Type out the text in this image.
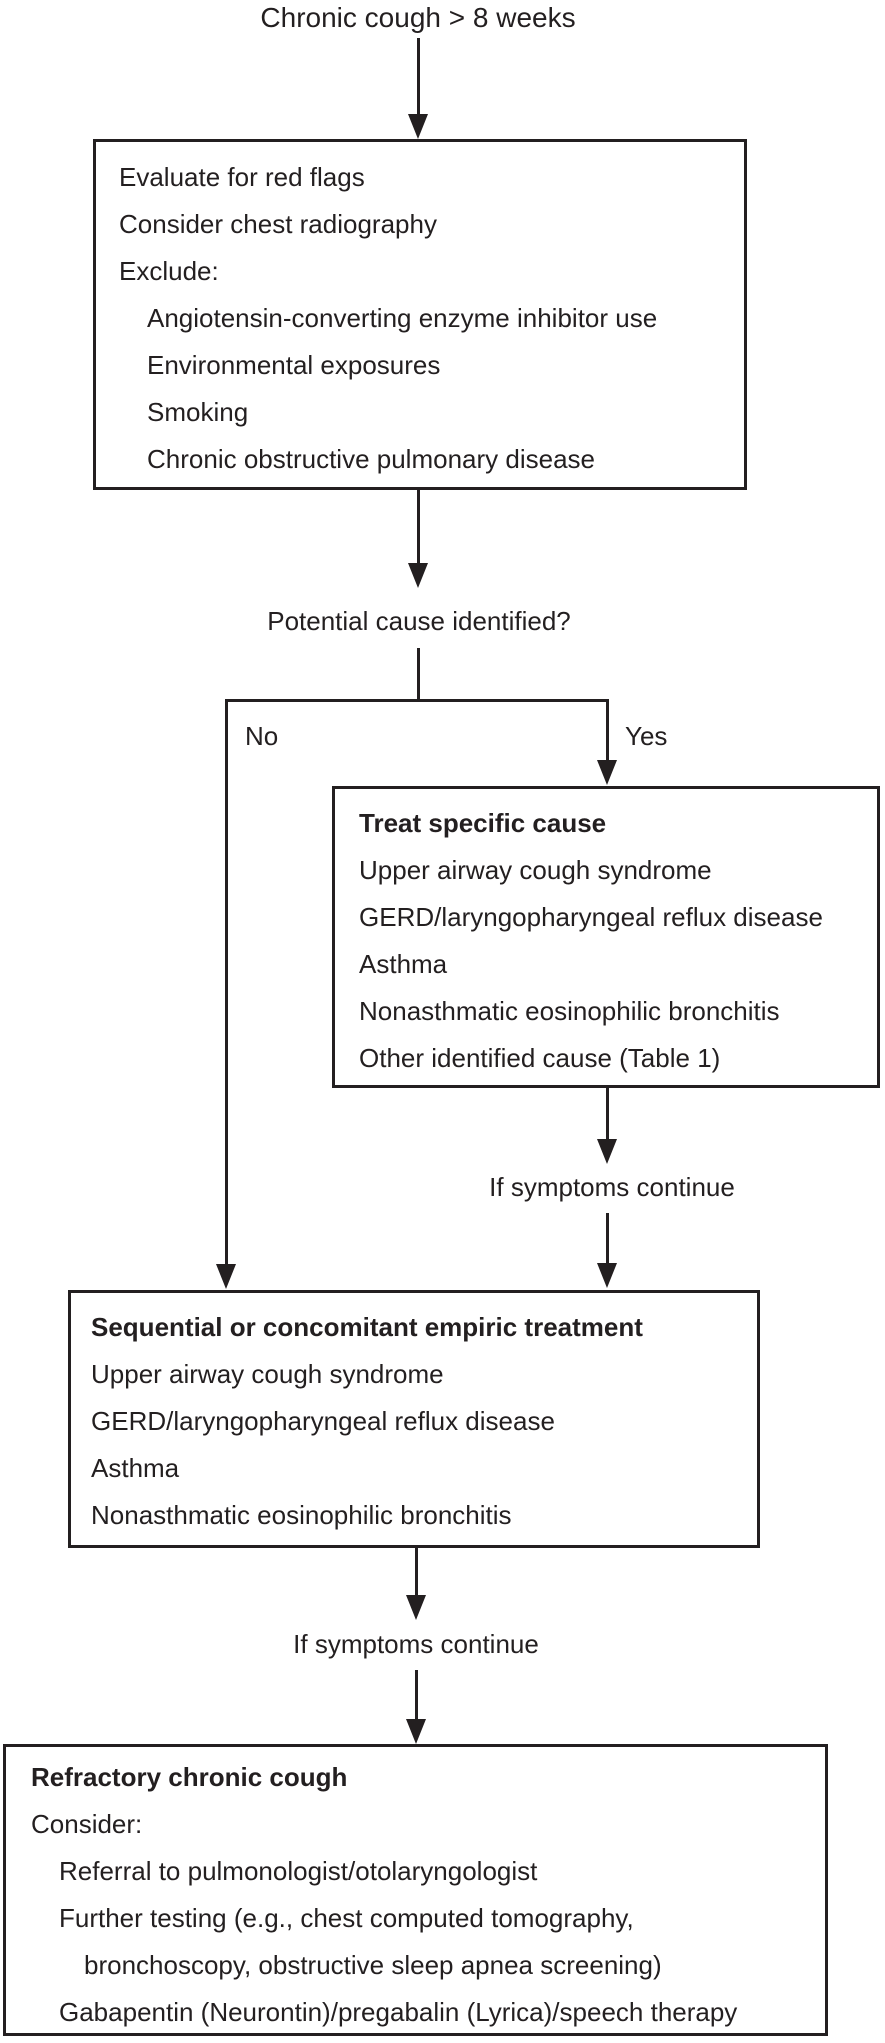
Chronic cough > 8 weeks
Evaluate for red flags
Consider chest radiography
Exclude:
Angiotensin-converting enzyme inhibitor use
Environmental exposures
Smoking
Chronic obstructive pulmonary disease
Potential cause identified?
No	Yes
Treat specific cause
Upper airway cough syndrome
GERD/laryngopharyngeal reflux disease
Asthma
Nonasthmatic eosinophilic bronchitis
Other identified cause (Table 1)
If symptoms continue
Sequential or concomitant empiric treatment
Upper airway cough syndrome
GERD/laryngopharyngeal reflux disease
Asthma
Nonasthmatic eosinophilic bronchitis
If symptoms continue
Refractory chronic cough
Consider:
Referral to pulmonologist/otolaryngologist
Further testing (e.g., chest computed tomography,
bronchoscopy, obstructive sleep apnea screening)
Gabapentin (Neurontin)/pregabalin (Lyrica)/speech therapy
